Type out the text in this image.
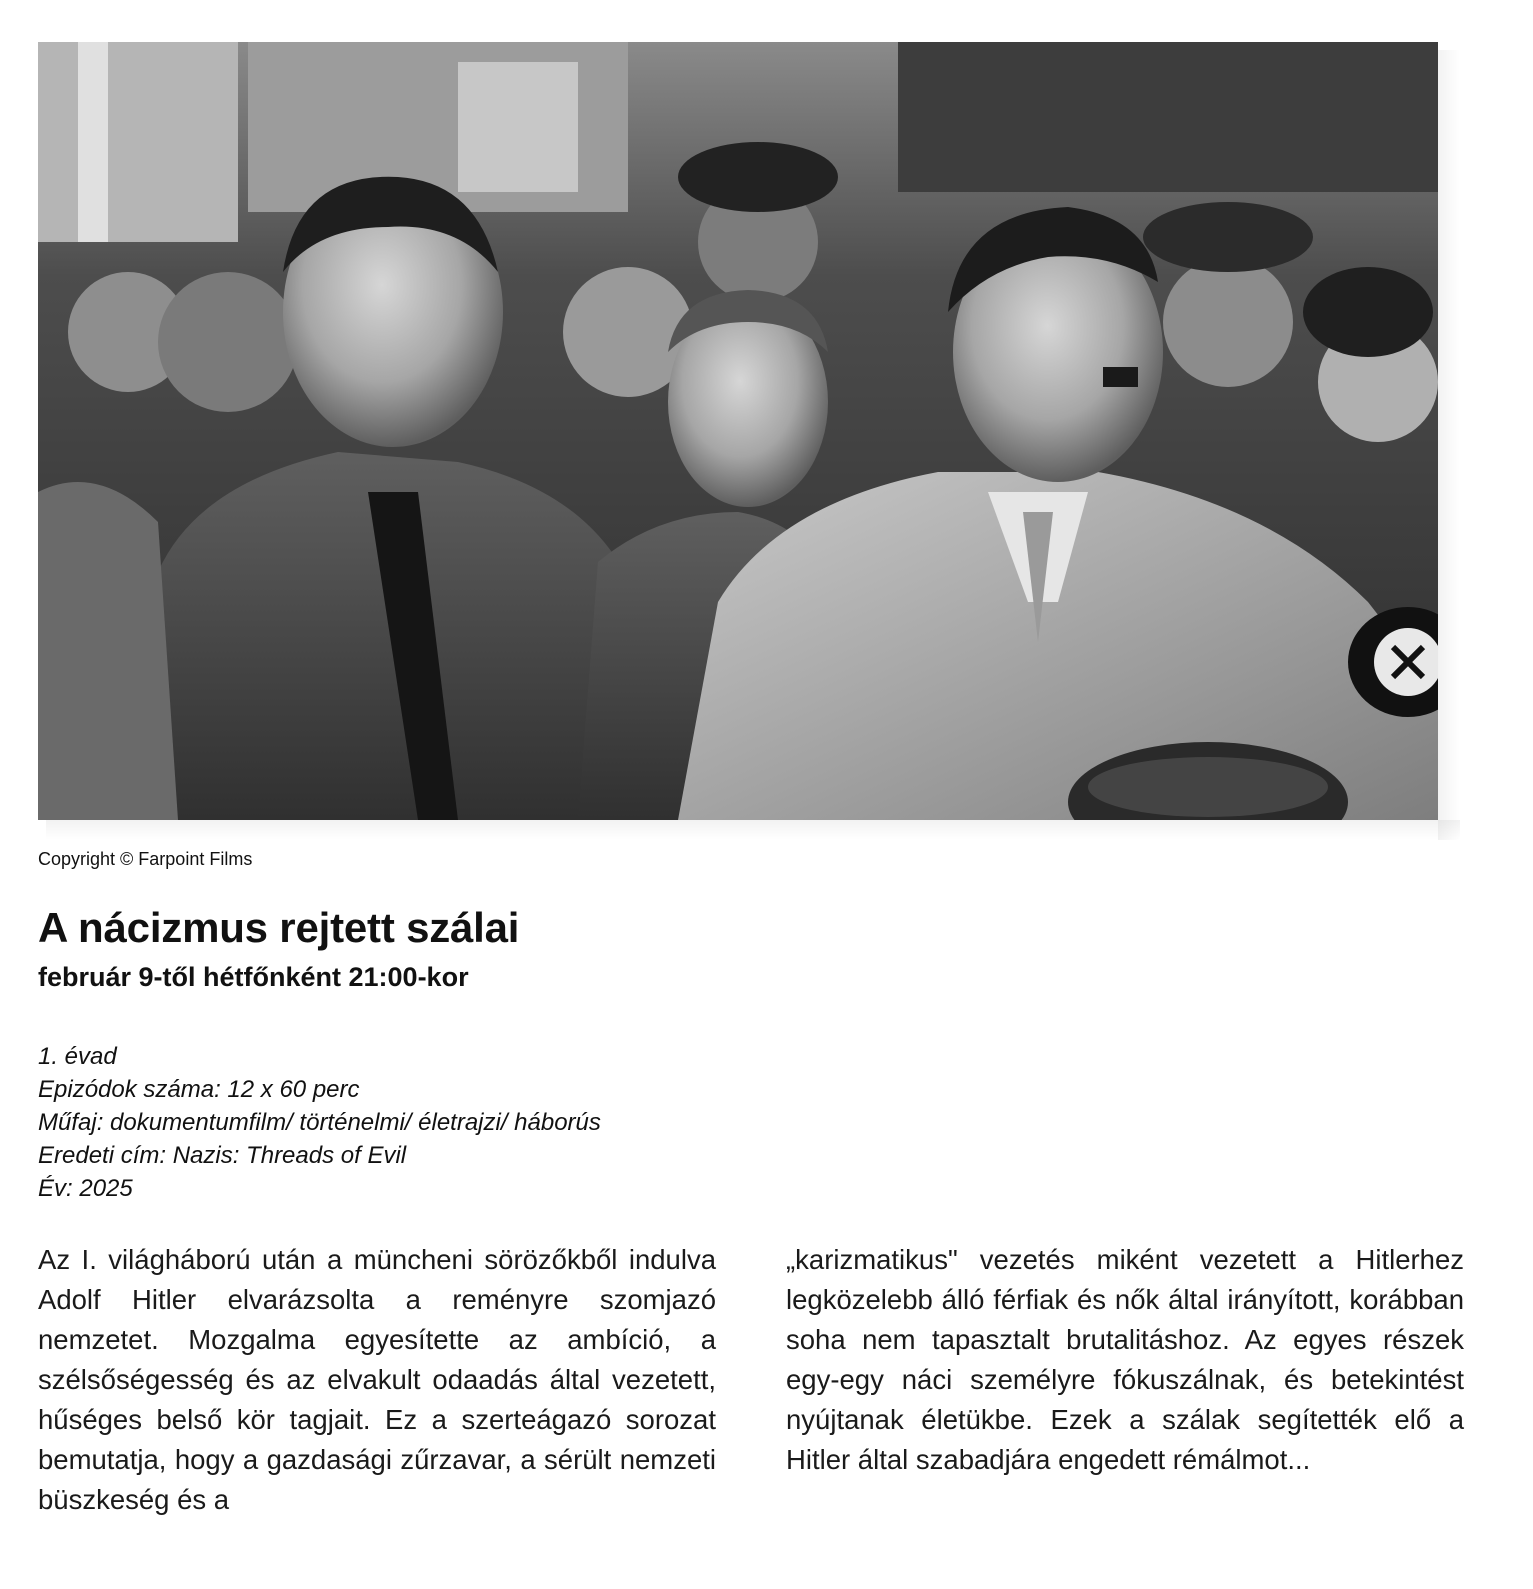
Copyright © Farpoint Films
A nácizmus rejtett szálai
február 9-től hétfőnként 21:00-kor
1. évad
Epizódok száma: 12 x 60 perc
Műfaj: dokumentumfilm/ történelmi/ életrajzi/ háborús
Eredeti cím: Nazis: Threads of Evil
Év: 2025
Az I. világháború után a müncheni sörözőkből indulva Adolf Hitler elvarázsolta a reményre szomjazó nemzetet. Mozgalma egyesítette az ambíció, a szélsőségesség és az elvakult odaadás által vezetett, hűséges belső kör tagjait. Ez a szerteágazó sorozat bemutatja, hogy a gazdasági zűrzavar, a sérült nemzeti büszkeség és a
„karizmatikus" vezetés miként vezetett a Hitlerhez legközelebb álló férfiak és nők által irányított, korábban soha nem tapasztalt brutalitáshoz. Az egyes részek egy-egy náci személyre fókuszálnak, és betekintést nyújtanak életükbe. Ezek a szálak segítették elő a Hitler által szabadjára engedett rémálmot...
